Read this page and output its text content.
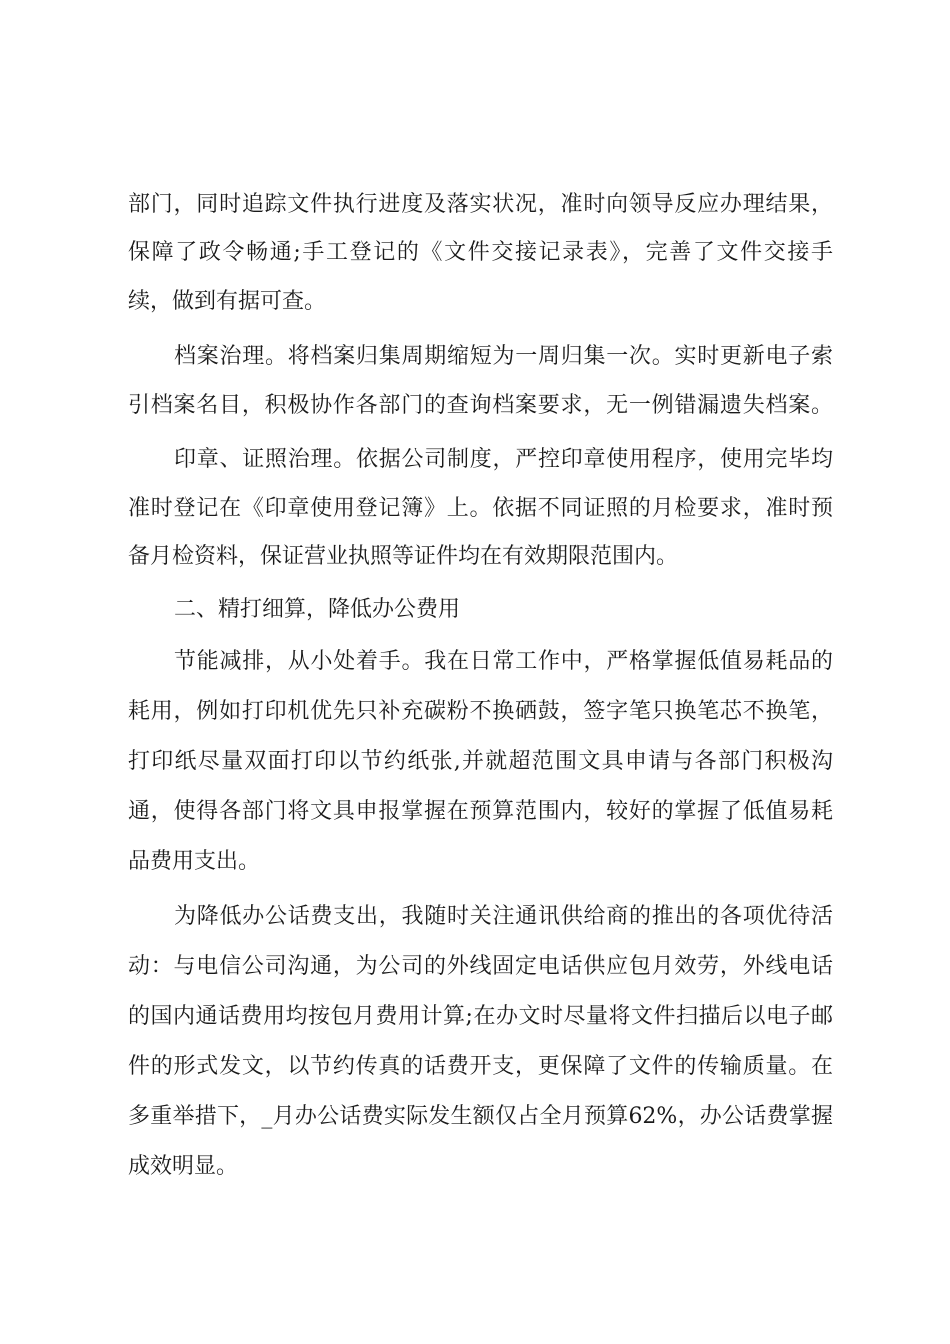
部门，同时追踪文件执行进度及落实状况，准时向领导反应办理结果，
保障了政令畅通;手工登记的《文件交接记录表》，完善了文件交接手
续，做到有据可查。
档案治理。将档案归集周期缩短为一周归集一次。实时更新电子索
引档案名目，积极协作各部门的查询档案要求，无一例错漏遗失档案。
印章、证照治理。依据公司制度，严控印章使用程序，使用完毕均
准时登记在《印章使用登记簿》上。依据不同证照的月检要求，准时预
备月检资料，保证营业执照等证件均在有效期限范围内。
二、精打细算，降低办公费用
节能减排，从小处着手。我在日常工作中，严格掌握低值易耗品的
耗用，例如打印机优先只补充碳粉不换硒鼓，签字笔只换笔芯不换笔，
打印纸尽量双面打印以节约纸张,并就超范围文具申请与各部门积极沟
通，使得各部门将文具申报掌握在预算范围内，较好的掌握了低值易耗
品费用支出。
为降低办公话费支出，我随时关注通讯供给商的推出的各项优待活
动：与电信公司沟通，为公司的外线固定电话供应包月效劳，外线电话
的国内通话费用均按包月费用计算;在办文时尽量将文件扫描后以电子邮
件的形式发文，以节约传真的话费开支，更保障了文件的传输质量。在
多重举措下，_月办公话费实际发生额仅占全月预算62%，办公话费掌握
成效明显。
